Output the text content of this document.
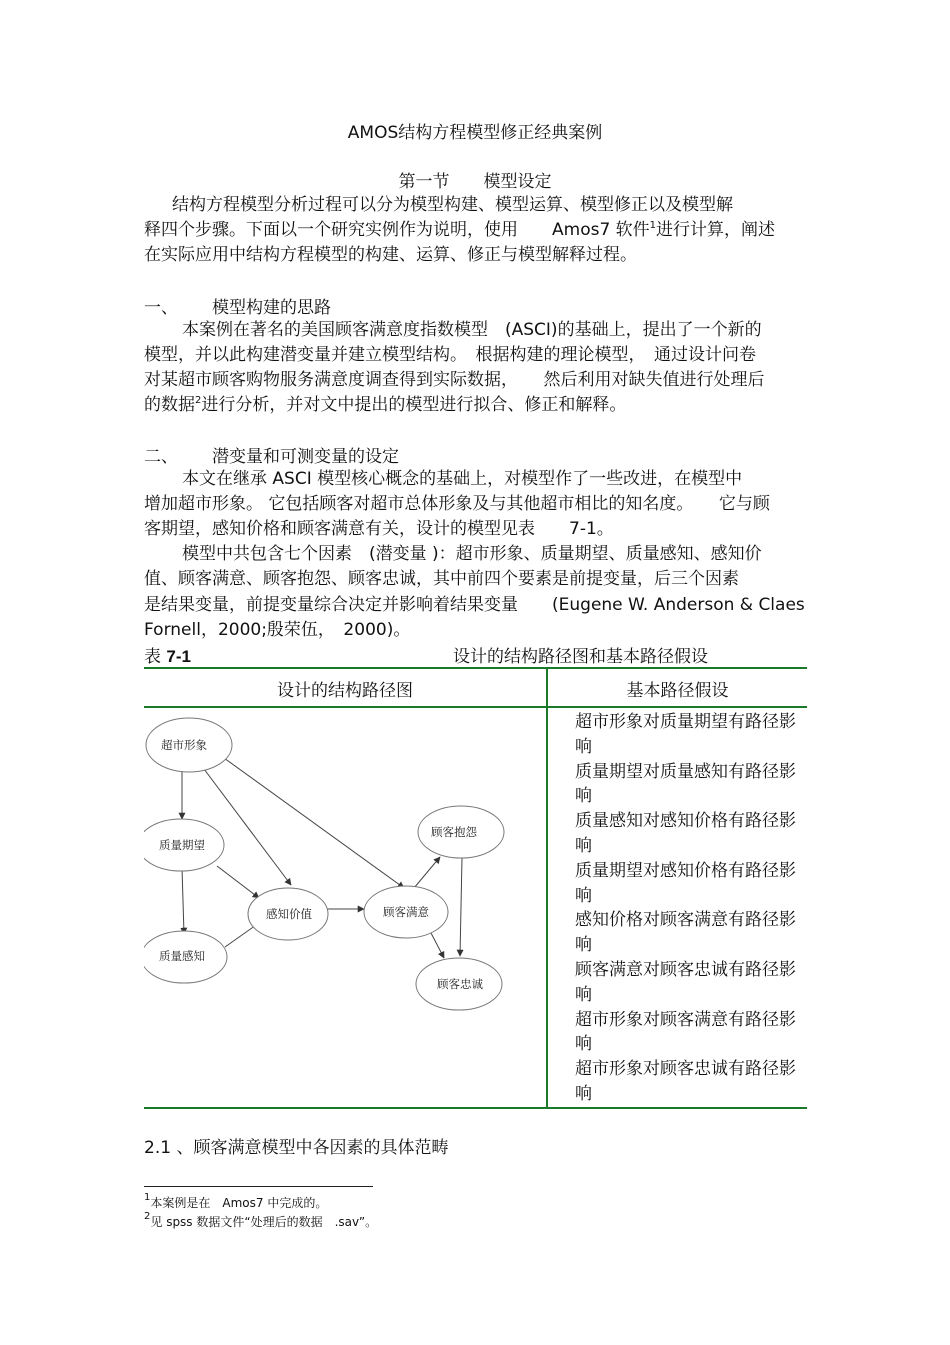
AMOS结构方程模型修正经典案例
第一节　　模型设定
结构方程模型分析过程可以分为模型构建、模型运算、模型修正以及模型解
释四个步骤。下面以一个研究实例作为说明，使用　　Amos7 软件$^1$进行计算，阐述
在实际应用中结构方程模型的构建、运算、修正与模型解释过程。
一、 模型构建的思路
本案例在著名的美国顾客满意度指数模型　(ASCI)的基础上，提出了一个新的
模型，并以此构建潜变量并建立模型结构。　根据构建的理论模型，　通过设计问卷
对某超市顾客购物服务满意度调查得到实际数据，　　然后利用对缺失值进行处理后
的数据$^2$进行分析，并对文中提出的模型进行拟合、修正和解释。
二、 潜变量和可测变量的设定
本文在继承 ASCI 模型核心概念的基础上，对模型作了一些改进，在模型中
增加超市形象。 它包括顾客对超市总体形象及与其他超市相比的知名度。　　它与顾
客期望，感知价格和顾客满意有关，设计的模型见表　　7-1。
模型中共包含七个因素　(潜变量 )：超市形象、质量期望、质量感知、感知价
值、顾客满意、顾客抱怨、顾客忠诚，其中前四个要素是前提变量，后三个因素
是结果变量，前提变量综合决定并影响着结果变量　　(Eugene W. Anderson & Claes
Fornell，2000;殷荣伍，　2000)。
表 7-1	设计的结构路径图和基本路径假设
设计的结构路径图	基本路径假设
超市形象
质量期望
质量感知
感知价值	顾客满意
顾客抱怨
顾客忠诚
超市形象对质量期望有路径影响
质量期望对质量感知有路径影响
质量感知对感知价格有路径影响
质量期望对感知价格有路径影响
感知价格对顾客满意有路径影响
顾客满意对顾客忠诚有路径影响
超市形象对顾客满意有路径影响
超市形象对顾客忠诚有路径影响
2.1 、顾客满意模型中各因素的具体范畴
$^1$本案例是在　Amos7 中完成的。
$^2$见 spss 数据文件“处理后的数据　.sav”。
